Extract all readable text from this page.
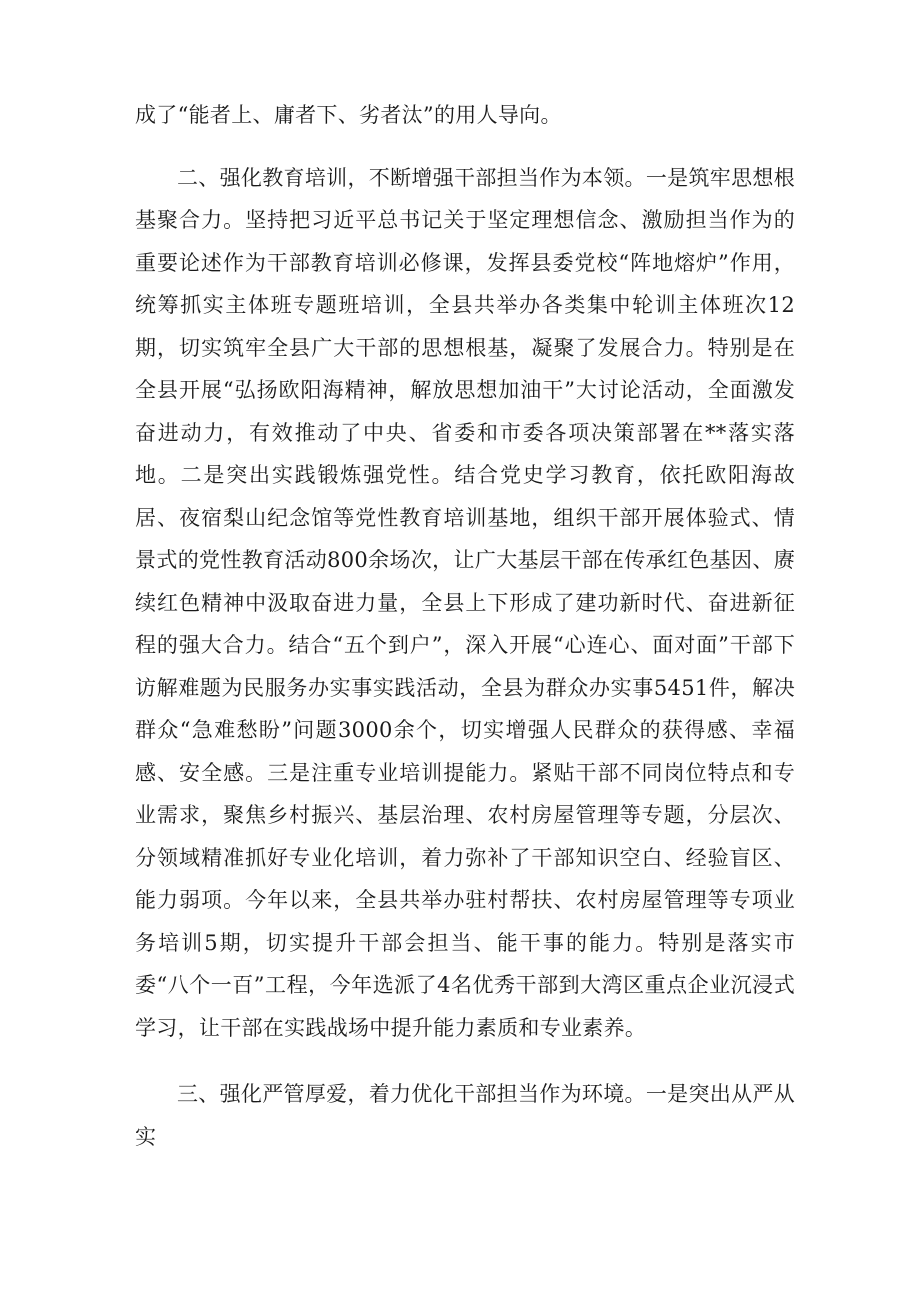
成了“能者上、庸者下、劣者汰”的用人导向。

二、强化教育培训，不断增强干部担当作为本领。一是筑牢思想根基聚合力。坚持把习近平总书记关于坚定理想信念、激励担当作为的重要论述作为干部教育培训必修课，发挥县委党校“阵地熔炉”作用，统筹抓实主体班专题班培训，全县共举办各类集中轮训主体班次12期，切实筑牢全县广大干部的思想根基，凝聚了发展合力。特别是在全县开展“弘扬欧阳海精神，解放思想加油干”大讨论活动，全面激发奋进动力，有效推动了中央、省委和市委各项决策部署在**落实落地。二是突出实践锻炼强党性。结合党史学习教育，依托欧阳海故居、夜宿梨山纪念馆等党性教育培训基地，组织干部开展体验式、情景式的党性教育活动800余场次，让广大基层干部在传承红色基因、赓续红色精神中汲取奋进力量，全县上下形成了建功新时代、奋进新征程的强大合力。结合“五个到户”，深入开展“心连心、面对面”干部下访解难题为民服务办实事实践活动，全县为群众办实事5451件，解决群众“急难愁盼”问题3000余个，切实增强人民群众的获得感、幸福感、安全感。三是注重专业培训提能力。紧贴干部不同岗位特点和专业需求，聚焦乡村振兴、基层治理、农村房屋管理等专题，分层次、分领域精准抓好专业化培训，着力弥补了干部知识空白、经验盲区、能力弱项。今年以来，全县共举办驻村帮扶、农村房屋管理等专项业务培训5期，切实提升干部会担当、能干事的能力。特别是落实市委“八个一百”工程，今年选派了4名优秀干部到大湾区重点企业沉浸式学习，让干部在实践战场中提升能力素质和专业素养。

三、强化严管厚爱，着力优化干部担当作为环境。一是突出从严从实
